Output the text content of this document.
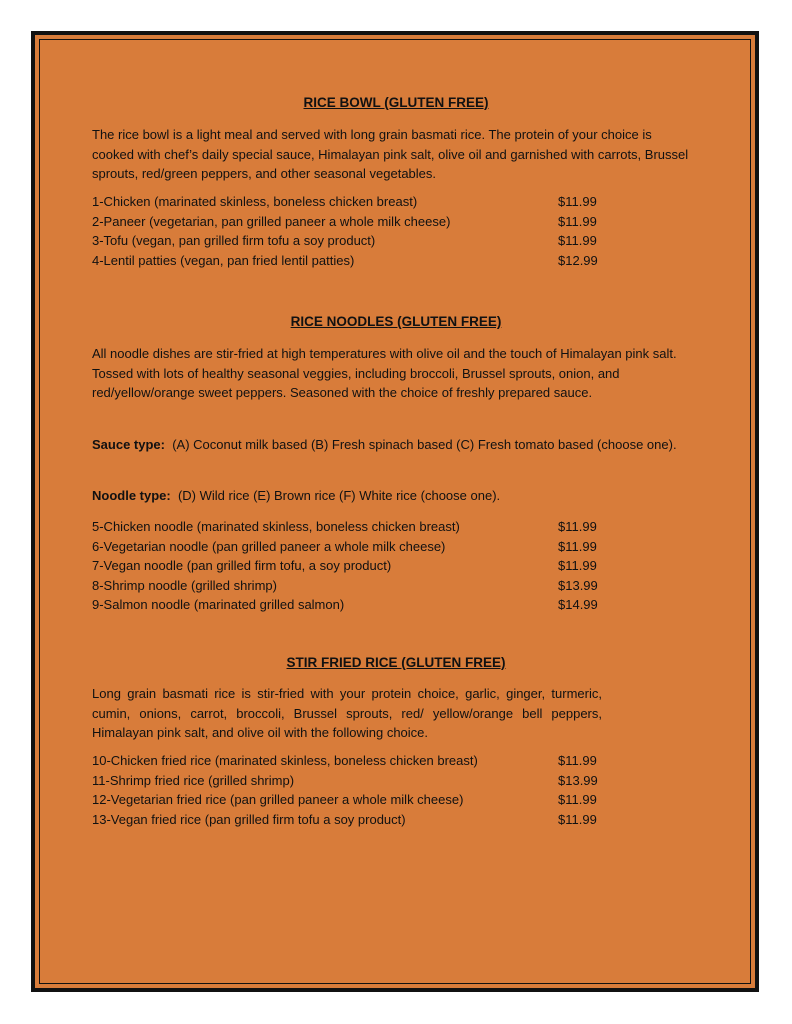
RICE BOWL (GLUTEN FREE)

The rice bowl is a light meal and served with long grain basmati rice. The protein of your choice is cooked with chef’s daily special sauce, Himalayan pink salt, olive oil and garnished with carrots, Brussel sprouts, red/green peppers, and other seasonal vegetables.

1-Chicken (marinated skinless, boneless chicken breast)	$11.99
2-Paneer (vegetarian, pan grilled paneer a whole milk cheese)	$11.99
3-Tofu (vegan, pan grilled firm tofu a soy product)	$11.99
4-Lentil patties (vegan, pan fried lentil patties)	$12.99
RICE NOODLES (GLUTEN FREE)

All noodle dishes are stir-fried at high temperatures with olive oil and the touch of Himalayan pink salt. Tossed with lots of healthy seasonal veggies, including broccoli, Brussel sprouts, onion, and red/yellow/orange sweet peppers. Seasoned with the choice of freshly prepared sauce.

Sauce type: (A) Coconut milk based (B) Fresh spinach based (C) Fresh tomato based (choose one).

Noodle type: (D) Wild rice (E) Brown rice (F) White rice (choose one).

5-Chicken noodle (marinated skinless, boneless chicken breast)	$11.99
6-Vegetarian noodle (pan grilled paneer a whole milk cheese)	$11.99
7-Vegan noodle (pan grilled firm tofu, a soy product)	$11.99
8-Shrimp noodle (grilled shrimp)	$13.99
9-Salmon noodle (marinated grilled salmon)	$14.99
STIR FRIED RICE (GLUTEN FREE)

Long grain basmati rice is stir-fried with your protein choice, garlic, ginger, turmeric, cumin, onions, carrot, broccoli, Brussel sprouts, red/ yellow/orange bell peppers, Himalayan pink salt, and olive oil with the following choice.

10-Chicken fried rice (marinated skinless, boneless chicken breast)	$11.99
11-Shrimp fried rice (grilled shrimp)	$13.99
12-Vegetarian fried rice (pan grilled paneer a whole milk cheese)	$11.99
13-Vegan fried rice (pan grilled firm tofu a soy product)	$11.99
